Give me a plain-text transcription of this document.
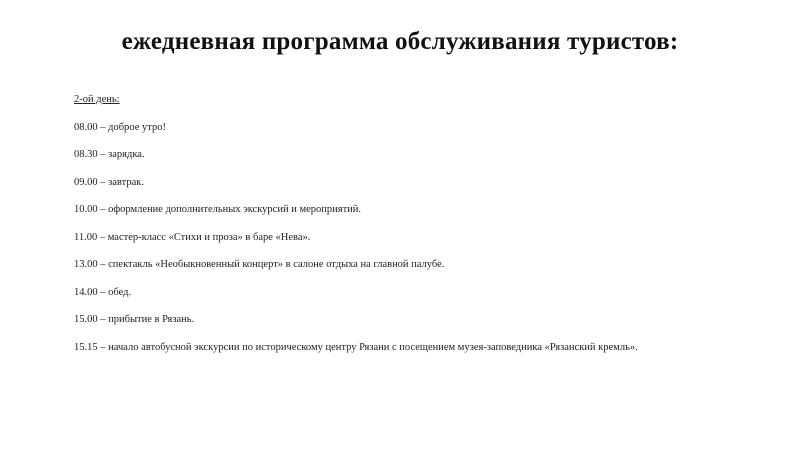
ежедневная программа обслуживания туристов:

2-ой день:

08.00 – доброе утро!
08.30 – зарядка.
09.00 – завтрак.
10.00 – оформление дополнительных экскурсий и мероприятий.
11.00 – мастер-класс «Стихи и проза» в баре «Нева».
13.00 – спектакль «Необыкновенный концерт» в салоне отдыха на главной палубе.
14.00 – обед.
15.00 – прибытие в Рязань.
15.15 – начало автобусной экскурсии по историческому центру Рязани с посещением музея-заповедника «Рязанский кремль».
